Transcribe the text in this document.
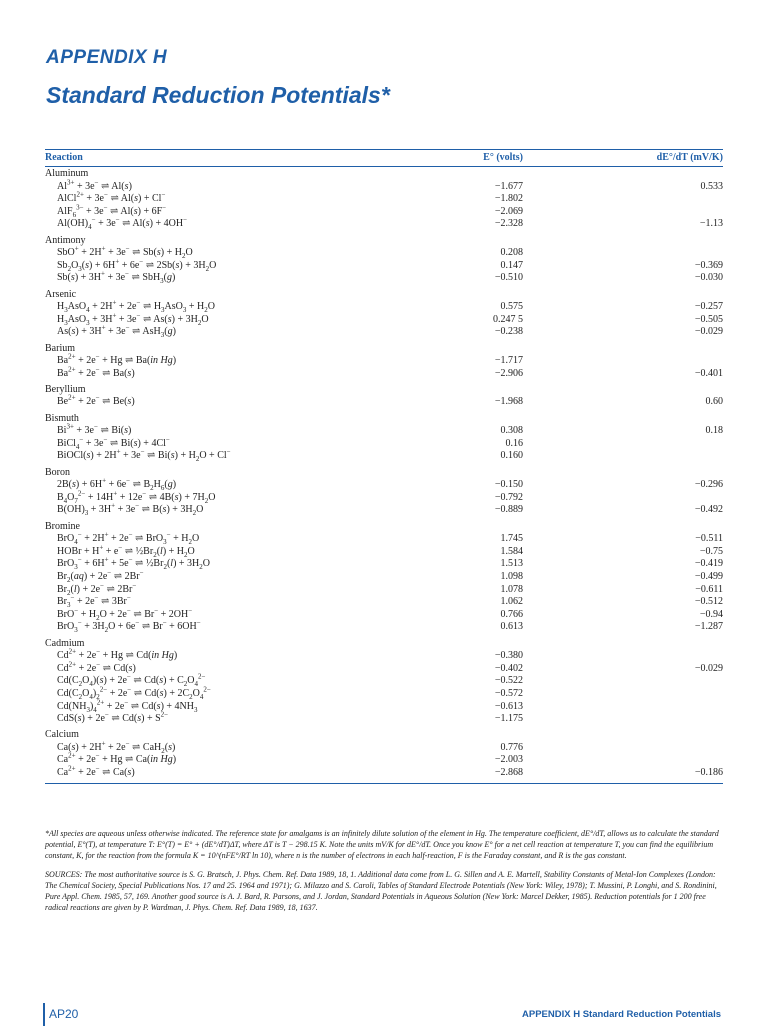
APPENDIX H
Standard Reduction Potentials*
Reaction	E° (volts)	dE°/dT (mV/K)
Aluminum
$Al^{3+} + 3e^-$ ⇌ Al(s)	−1.677	0.533
AlCl$^{2+}$ + 3e− ⇌ Al(s) + Cl−	−1.802
AlF$_6^{3-}$ + 3e− ⇌ Al(s) + 6F−	−2.069
$Al(OH)_4^- + 3e^-$ ⇌ Al(s) + 4OH−	−2.328	−1.13
Antimony
SbO+ + 2H+ + 3e− ⇌ $Sb(s) + H_2O$	0.208
$Sb_2O_3(s) + 6H^+ + 6e^-$ ⇌ $2Sb(s) + 3H_2O$	0.147	−0.369
Sb(s) + 3H+ + 3e− ⇌ SbH$_3$(g)	−0.510	−0.030
Arsenic
$H_3AsO_4 + 2H^+ + 2e^-$ ⇌ $H_3AsO_3 + H_2O$	0.575	−0.257
$H_3AsO_3 + 3H^+ + 3e^-$ ⇌ $As(s) + 3H_2O$	0.247 5	−0.505
As(s) + 3H+ + 3e− ⇌ AsH$_3$(g)	−0.238	−0.029
Barium
$Ba^{2+} + 2e^- + Hg$ ⇌ Ba(in Hg)	−1.717
$Ba^{2+} + 2e^-$ ⇌ Ba(s)	−2.906	−0.401
Beryllium
$Be^{2+} + 2e^-$ ⇌ Be(s)	−1.968	0.60
Bismuth
$Bi^{3+} + 3e^-$ ⇌ Bi(s)	0.308	0.18
BiCl$_4$− + 3e− ⇌ Bi(s) + 4Cl−	0.16
BiOCl(s) + 2H+ + 3e− ⇌ $Bi(s) + H_2O + Cl^-$	0.160
Boron
2B(s) + 6H+ + 6e− ⇌ $B_2H_6(g)$	−0.150	−0.296
$B_4O_7^{2-} + 14H^+ + 12e^-$ ⇌ $4B(s) + 7H_2O$	−0.792
$B(OH)_3 + 3H^+ + 3e^-$ ⇌ $B(s) + 3H_2O$	−0.889	−0.492
Bromine
BrO$_4$− + 2H+ + 2e− ⇌ $BrO_3^- + H_2O$	1.745	−0.511
HOBr + H+ + e− ⇌ $\frac{1}{2}Br_2(l) + H_2O$	1.584	−0.75
BrO$_3$− + 6H+ + 5e− ⇌ $\frac{1}{2}Br_2(l) + 3H_2O$	1.513	−0.419
$Br_2(aq) + 2e^-$ ⇌ 2Br−	1.098	−0.499
$Br_2(l) + 2e^-$ ⇌ 2Br−	1.078	−0.611
$Br_3^- + 2e^-$ ⇌ 3Br−	1.062	−0.512
$BrO^- + H_2O + 2e^-$ ⇌ Br− + 2OH−	0.766	−0.94
$BrO_3^- + 3H_2O + 6e^-$ ⇌ Br− + 6OH−	0.613	−1.287
Cadmium
$Cd^{2+} + 2e^- + Hg$ ⇌ Cd(in Hg)	−0.380
$Cd^{2+} + 2e^-$ ⇌ Cd(s)	−0.402	−0.029
$Cd(C_2O_4)(s) + 2e^-$ ⇌ $Cd(s) + C_2O_4^{2-}$	−0.522
$Cd(C_2O_4)_2^{2-} + 2e^-$ ⇌ $Cd(s) + 2C_2O_4^{2-}$	−0.572
$Cd(NH_3)_4^{2+} + 2e^-$ ⇌ $Cd(s) + 4NH_3$	−0.613
CdS(s) + 2e− ⇌ $Cd(s) + S^{2-}$	−1.175
Calcium
Ca(s) + 2H+ + 2e− ⇌ CaH$_2$(s)	0.776
$Ca^{2+} + 2e^- + Hg$ ⇌ Ca(in Hg)	−2.003
$Ca^{2+} + 2e^-$ ⇌ Ca(s)	−2.868	−0.186

*All species are aqueous unless otherwise indicated. The reference state for amalgams is an infinitely dilute solution of the element in Hg. The temperature coefficient, dE°/dT, allows us to calculate the standard potential, E°(T), at temperature T: E°(T) = E° + (dE°/dT)ΔT, where ΔT is T − 298.15 K. Note the units mV/K for dE°/dT. Once you know E° for a net cell reaction at temperature T, you can find the equilibrium constant, K, for the reaction from the formula K = 10^(nFE°/RT ln 10), where n is the number of electrons in each half-reaction, F is the Faraday constant, and R is the gas constant.

SOURCES: The most authoritative source is S. G. Bratsch, J. Phys. Chem. Ref. Data 1989, 18, 1. Additional data come from L. G. Sillen and A. E. Martell, Stability Constants of Metal-Ion Complexes (London: The Chemical Society, Special Publications Nos. 17 and 25. 1964 and 1971); G. Milazzo and S. Caroli, Tables of Standard Electrode Potentials (New York: Wiley, 1978); T. Mussini, P. Longhi, and S. Rondinini, Pure Appl. Chem. 1985, 57, 169. Another good source is A. J. Bard, R. Parsons, and J. Jordan, Standard Potentials in Aqueous Solution (New York: Marcel Dekker, 1985). Reduction potentials for 1 200 free radical reactions are given by P. Wardman, J. Phys. Chem. Ref. Data 1989, 18, 1637.

AP20	APPENDIX H Standard Reduction Potentials
